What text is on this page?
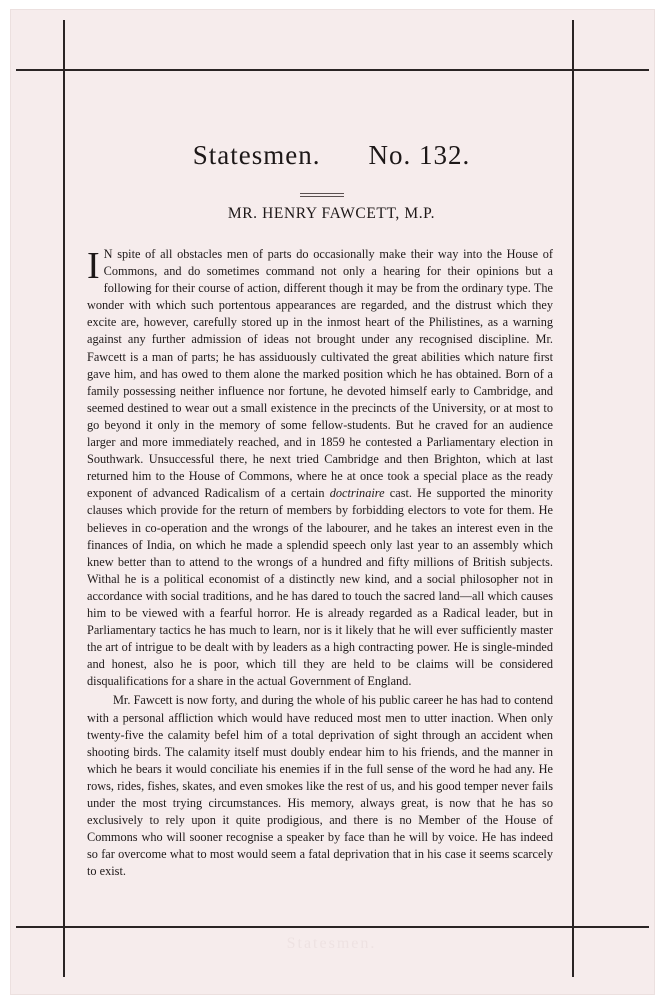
Statesmen. No. 132.
MR. HENRY FAWCETT, M.P.

I N spite of all obstacles men of parts do occasionally make their way into the House of Commons, and do sometimes command not only a hearing for their opinions but a following for their course of action, different though it may be from the ordinary type. The wonder with which such portentous appearances are regarded, and the distrust which they excite are, however, carefully stored up in the inmost heart of the Philistines, as a warning against any further admission of ideas not brought under any recognised discipline. Mr. Fawcett is a man of parts; he has assiduously cultivated the great abilities which nature first gave him, and has owed to them alone the marked position which he has obtained. Born of a family possessing neither influence nor fortune, he devoted himself early to Cambridge, and seemed destined to wear out a small existence in the precincts of the University, or at most to go beyond it only in the memory of some fellow-students. But he craved for an audience larger and more immediately reached, and in 1859 he contested a Parliamentary election in Southwark. Unsuccessful there, he next tried Cambridge and then Brighton, which at last returned him to the House of Commons, where he at once took a special place as the ready exponent of advanced Radicalism of a certain doctrinaire cast. He supported the minority clauses which provide for the return of members by forbidding electors to vote for them. He believes in co-operation and the wrongs of the labourer, and he takes an interest even in the finances of India, on which he made a splendid speech only last year to an assembly which knew better than to attend to the wrongs of a hundred and fifty millions of British subjects. Withal he is a political economist of a distinctly new kind, and a social philosopher not in accordance with social traditions, and he has dared to touch the sacred land—all which causes him to be viewed with a fearful horror. He is already regarded as a Radical leader, but in Parliamentary tactics he has much to learn, nor is it likely that he will ever sufficiently master the art of intrigue to be dealt with by leaders as a high contracting power. He is single-minded and honest, also he is poor, which till they are held to be claims will be considered disqualifications for a share in the actual Government of England.

Mr. Fawcett is now forty, and during the whole of his public career he has had to contend with a personal affliction which would have reduced most men to utter inaction. When only twenty-five the calamity befel him of a total deprivation of sight through an accident when shooting birds. The calamity itself must doubly endear him to his friends, and the manner in which he bears it would conciliate his enemies if in the full sense of the word he had any. He rows, rides, fishes, skates, and even smokes like the rest of us, and his good temper never fails under the most trying circumstances. His memory, always great, is now that he has so exclusively to rely upon it quite prodigious, and there is no Member of the House of Commons who will sooner recognise a speaker by face than he will by voice. He has indeed so far overcome what to most would seem a fatal deprivation that in his case it seems scarcely to exist.

Statesmen.
